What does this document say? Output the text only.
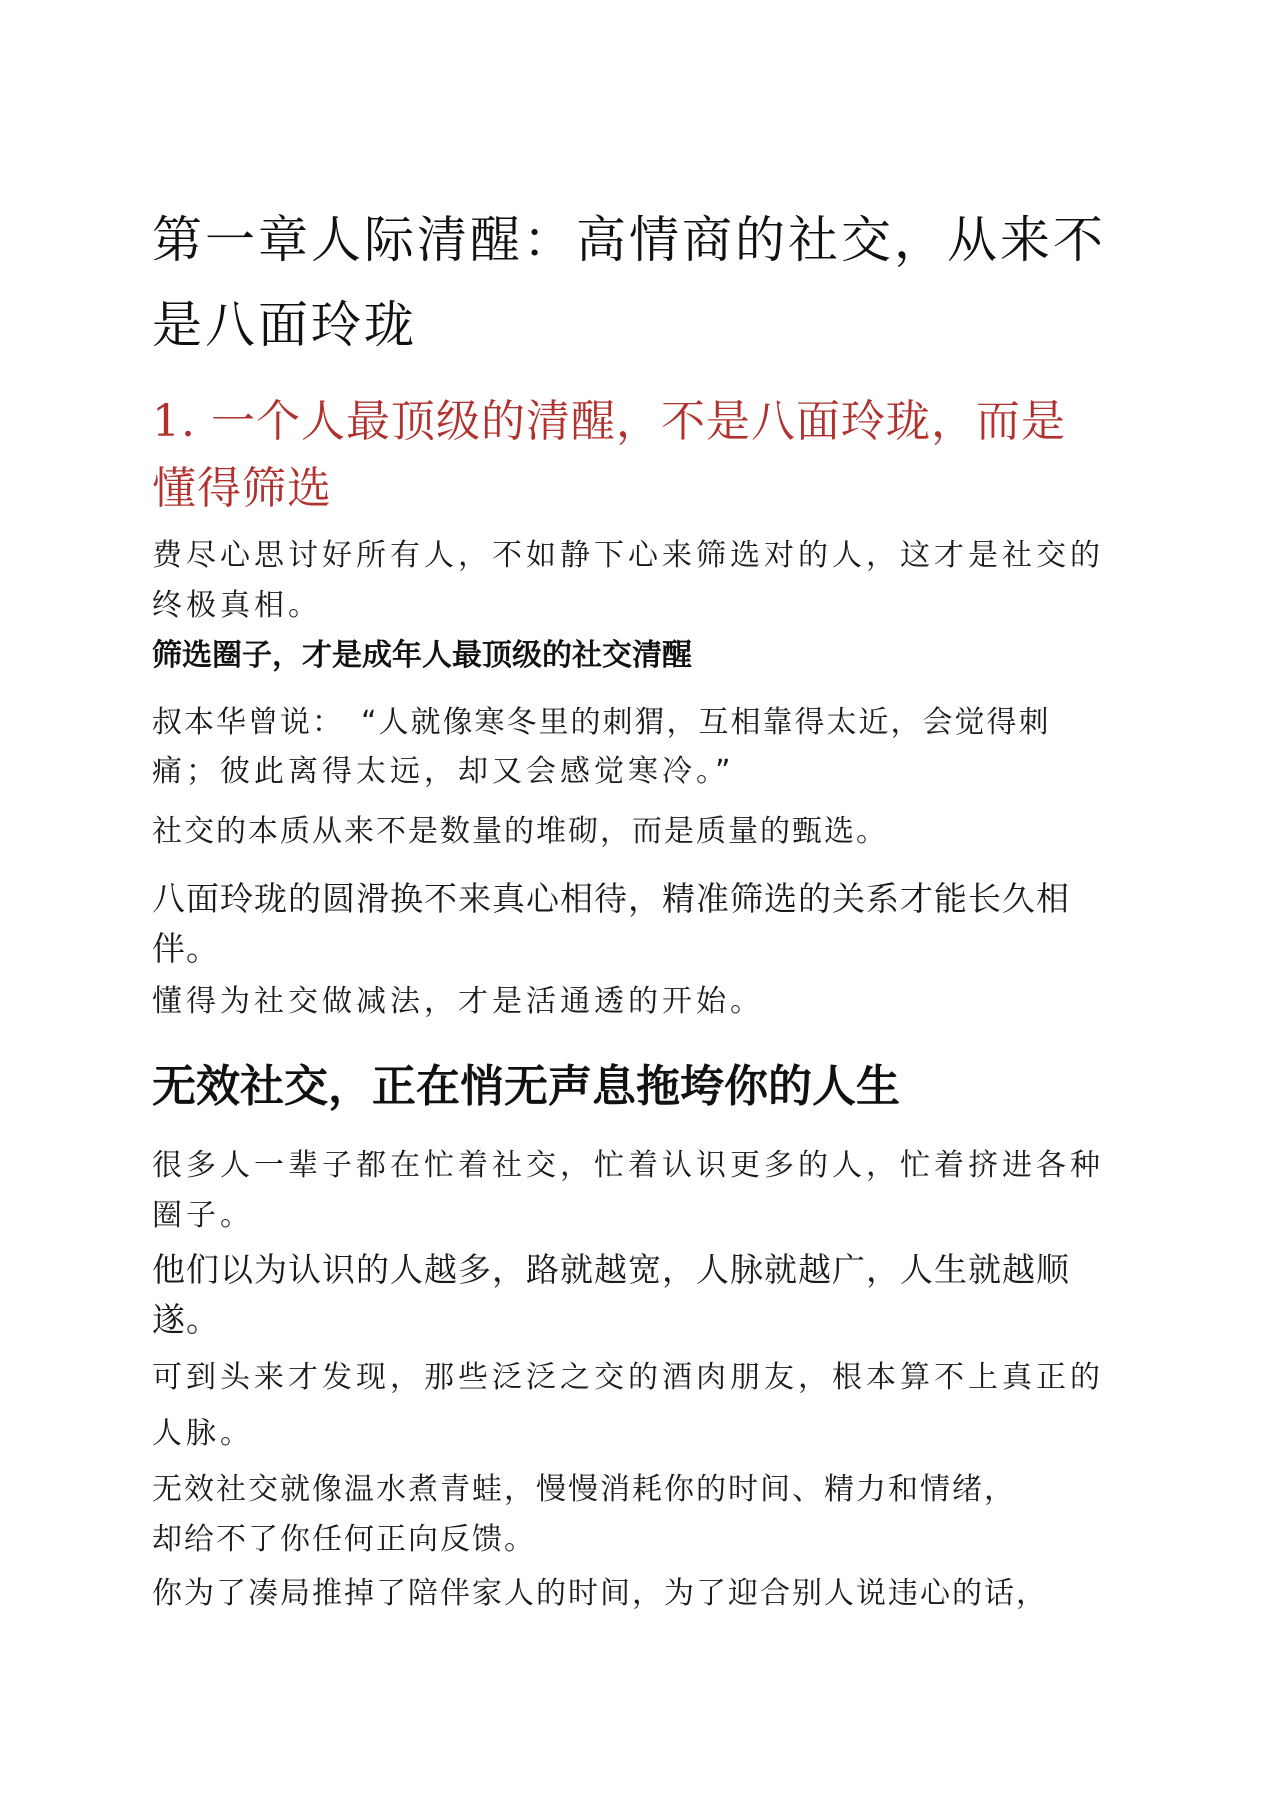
第一章人际清醒：高情商的社交，从来不
是八面玲珑
1. 一个人最顶级的清醒，不是八面玲珑，而是
懂得筛选

费尽心思讨好所有人，不如静下心来筛选对的人，这才是社交的

终极真相。

筛选圈子，才是成年人最顶级的社交清醒

叔本华曾说：　“人就像寒冬里的刺猬，互相靠得太近，会觉得刺

痛；彼此离得太远，却又会感觉寒冷。”

社交的本质从来不是数量的堆砌，而是质量的甄选。

八面玲珑的圆滑换不来真心相待，精准筛选的关系才能长久相

伴。

懂得为社交做减法，才是活通透的开始。

无效社交，正在悄无声息拖垮你的人生

很多人一辈子都在忙着社交，忙着认识更多的人，忙着挤进各种

圈子。

他们以为认识的人越多，路就越宽，人脉就越广，人生就越顺

遂。

可到头来才发现，那些泛泛之交的酒肉朋友，根本算不上真正的

人脉。

无效社交就像温水煮青蛙，慢慢消耗你的时间、精力和情绪，

却给不了你任何正向反馈。

你为了凑局推掉了陪伴家人的时间，为了迎合别人说违心的话，
